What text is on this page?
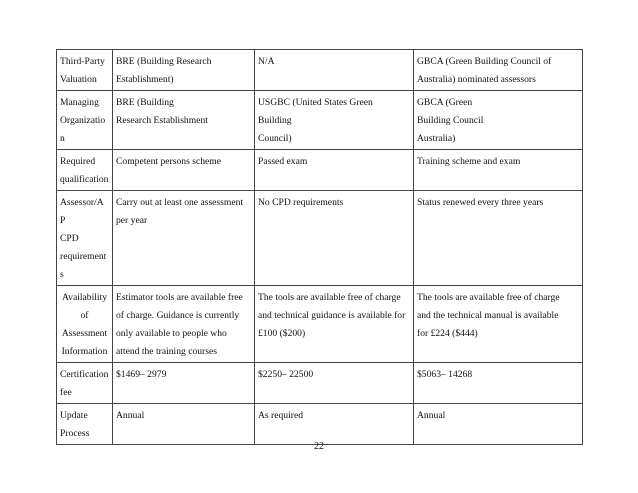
Third-Party
Valuation	BRE (Building Research
Establishment)	N/A	GBCA (Green Building Council of
Australia) nominated assessors

Managing
Organization	BRE (Building
Research Establishment	USGBC (United States Green
Building
Council)	GBCA (Green
Building Council
Australia)

Required
qualification	Competent persons scheme	Passed exam	Training scheme and exam

Assessor/AP
CPD
requirements	Carry out at least one assessment
per year	No CPD requirements	Status renewed every three years

Availability
of
Assessment
Information	Estimator tools are available free
of charge. Guidance is currently
only available to people who
attend the training courses	The tools are available free of charge
and technical guidance is available for
£100 ($200)	The tools are available free of charge
and the technical manual is available
for £224 ($444)

Certification
fee	$1469– 2979	$2250– 22500	$5063– 14268

Update
Process	Annual	As required	Annual
22
